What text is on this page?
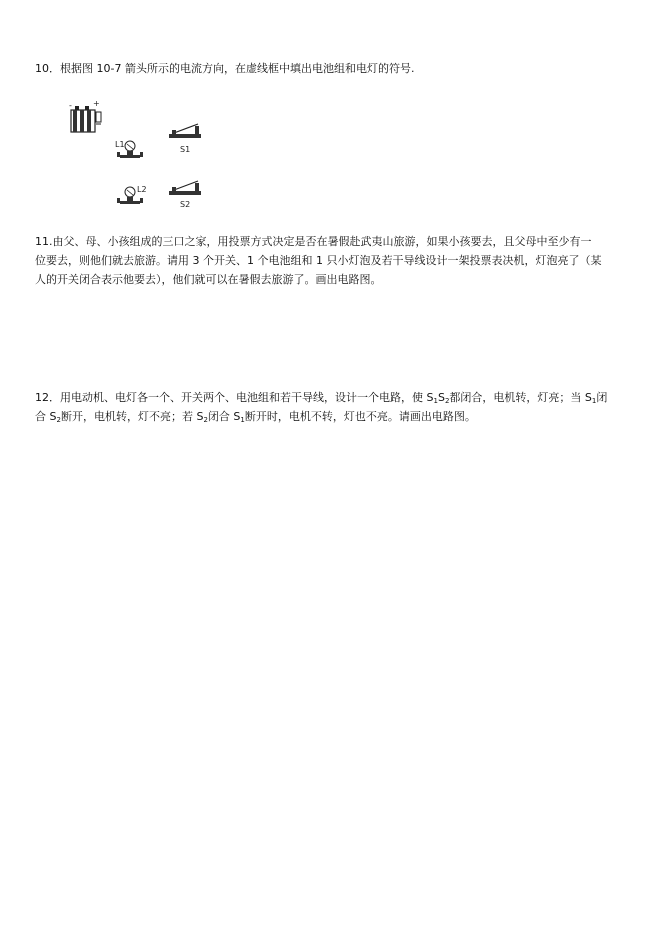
10．根据图 10-7 箭头所示的电流方向，在虚线框中填出电池组和电灯的符号.
-	+
L1
S1
L2
S2
11.由父、母、小孩组成的三口之家，用投票方式决定是否在暑假赴武夷山旅游，如果小孩要去，且父母中至少有一
位要去，则他们就去旅游。请用 3 个开关、1 个电池组和 1 只小灯泡及若干导线设计一架投票表决机，灯泡亮了（某
人的开关闭合表示他要去），他们就可以在暑假去旅游了。画出电路图。
12．用电动机、电灯各一个、开关两个、电池组和若干导线，设计一个电路，使 $S_1S_2$都闭合，电机转，灯亮；当 $S_1$闭
合 $S_2$断开，电机转，灯不亮；若 $S_2$闭合 $S_1$断开时，电机不转，灯也不亮。请画出电路图。
